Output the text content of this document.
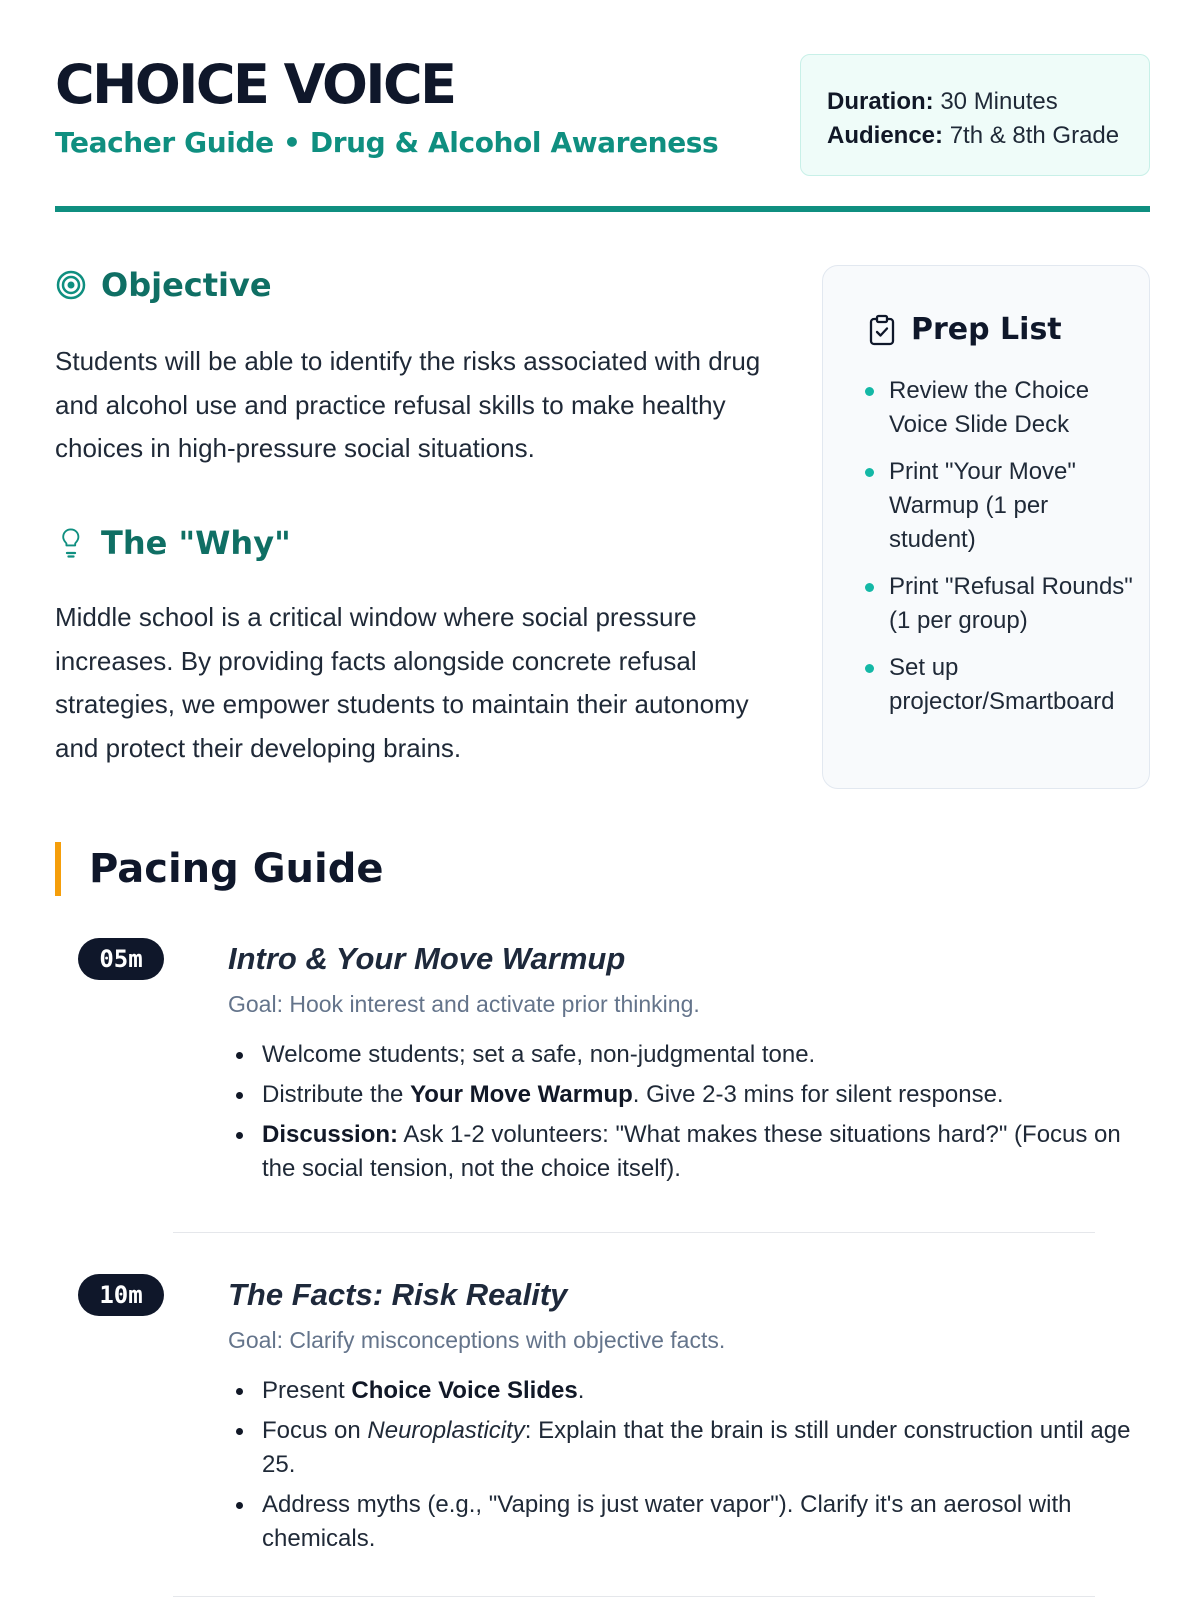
CHOICE VOICE

Teacher Guide • Drug & Alcohol Awareness

Duration: 30 Minutes
Audience: 7th & 8th Grade
Objective

Students will be able to identify the risks associated with drug and alcohol use and practice refusal skills to make healthy choices in high-pressure social situations.

The "Why"

Middle school is a critical window where social pressure increases. By providing facts alongside concrete refusal strategies, we empower students to maintain their autonomy and protect their developing brains.

Prep List
Review the Choice Voice Slide Deck
Print "Your Move" Warmup (1 per student)
Print "Refusal Rounds" (1 per group)
Set up projector/Smartboard
Pacing Guide
05m	Intro & Your Move Warmup

Goal: Hook interest and activate prior thinking.

Welcome students; set a safe, non-judgmental tone.
Distribute the Your Move Warmup. Give 2-3 mins for silent response.
Discussion: Ask 1-2 volunteers: "What makes these situations hard?" (Focus on the social tension, not the choice itself).
10m	The Facts: Risk Reality

Goal: Clarify misconceptions with objective facts.

Present Choice Voice Slides.
Focus on Neuroplasticity: Explain that the brain is still under construction until age 25.
Address myths (e.g., "Vaping is just water vapor"). Clarify it's an aerosol with chemicals.
